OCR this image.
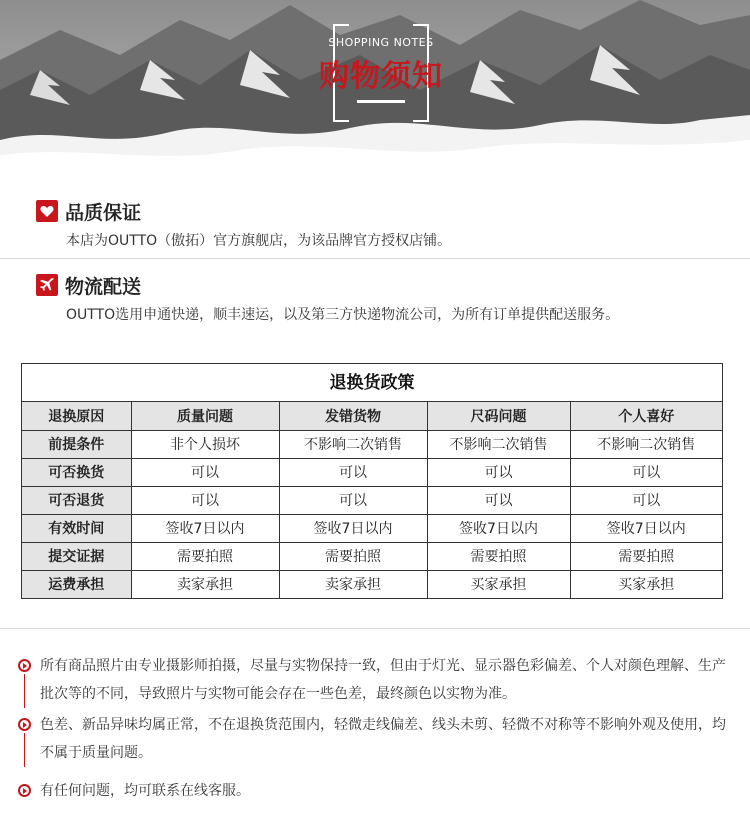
SHOPPING NOTES
购物须知
品质保证
本店为OUTTO（傲拓）官方旗舰店，为该品牌官方授权店铺。
物流配送
OUTTO选用申通快递，顺丰速运，以及第三方快递物流公司，为所有订单提供配送服务。
退换货政策
退换原因	质量问题	发错货物	尺码问题	个人喜好
前提条件	非个人损坏	不影响二次销售	不影响二次销售	不影响二次销售
可否换货	可以	可以	可以	可以
可否退货	可以	可以	可以	可以
有效时间	签收7日以内	签收7日以内	签收7日以内	签收7日以内
提交证据	需要拍照	需要拍照	需要拍照	需要拍照
运费承担	卖家承担	卖家承担	买家承担	买家承担
所有商品照片由专业摄影师拍摄，尽量与实物保持一致，但由于灯光、显示器色彩偏差、个人对颜色理解、生产批次等的不同，导致照片与实物可能会存在一些色差，最终颜色以实物为准。
色差、新品异味均属正常，不在退换货范围内，轻微走线偏差、线头未剪、轻微不对称等不影响外观及使用，均不属于质量问题。
有任何问题，均可联系在线客服。
